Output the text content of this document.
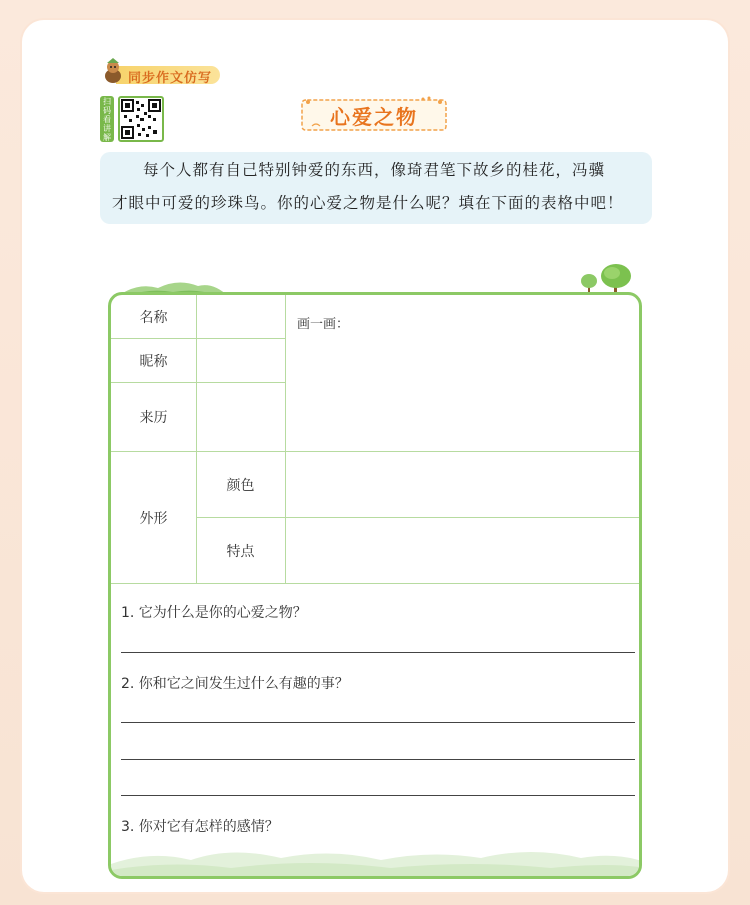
同步作文仿写
扫
码
看
讲
解
心爱之物

每个人都有自己特别钟爱的东西，像琦君笔下故乡的桂花，冯骥

才眼中可爱的珍珠鸟。你的心爱之物是什么呢？填在下面的表格中吧！

名称
昵称
来历
画一画：
外形
颜色
特点
1. 它为什么是你的心爱之物？
2. 你和它之间发生过什么有趣的事？
3. 你对它有怎样的感情？
